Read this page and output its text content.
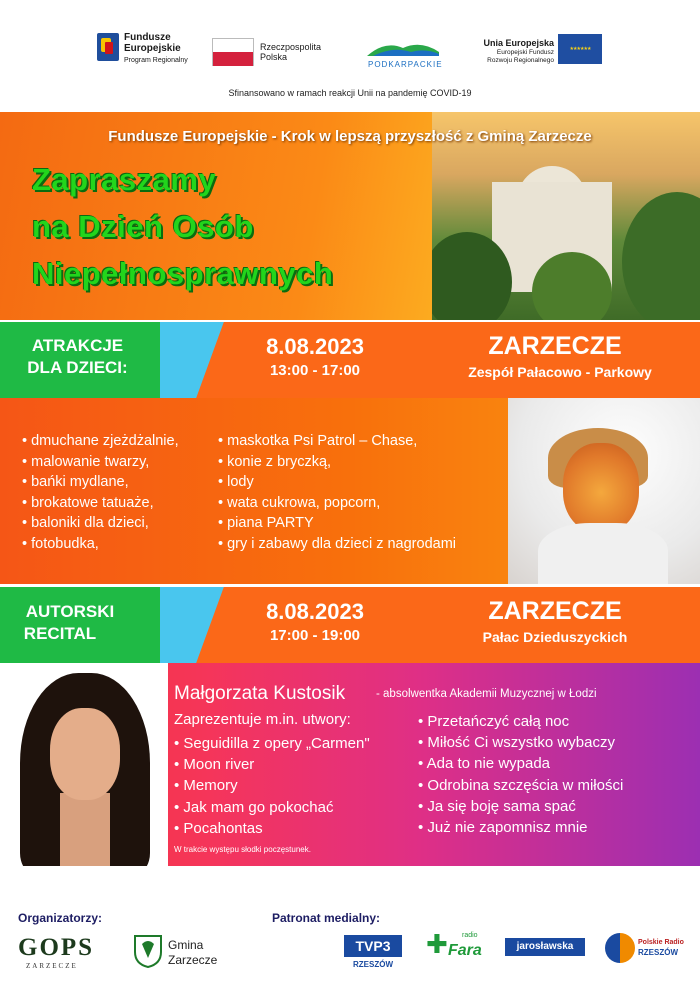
Fundusze
Europejskie
Program Regionalny
Rzeczpospolita
Polska
PODKARPACKIE
Unia Europejska
Europejski Fundusz
Rozwoju Regionalnego
★★★★★★
Sfinansowano w ramach reakcji Unii na pandemię COVID-19
Fundusze Europejskie - Krok w lepszą przyszłość z Gminą Zarzecze
Zapraszamy
na Dzień Osób
Niepełnosprawnych
ATRAKCJE
DLA DZIECI:
8.08.2023
13:00 - 17:00
ZARZECZE
Zespół Pałacowo - Parkowy
• dmuchane zjeżdżalnie,
• malowanie twarzy,
• bańki mydlane,
• brokatowe tatuaże,
• baloniki dla dzieci,
• fotobudka,
• maskotka Psi Patrol – Chase,
• konie z bryczką,
• lody
• wata cukrowa, popcorn,
• piana PARTY
• gry i zabawy dla dzieci z nagrodami
AUTORSKI
RECITAL
8.08.2023
17:00 - 19:00
ZARZECZE
Pałac Dzieduszyckich
Małgorzata Kustosik	- absolwentka Akademii Muzycznej w Łodzi
Zaprezentuje m.in. utwory:
• Seguidilla z opery „Carmen"
• Moon river
• Memory
• Jak mam go pokochać
• Pocahontas
• Przetańczyć całą noc
• Miłość Ci wszystko wybaczy
• Ada to nie wypada
• Odrobina szczęścia w miłości
• Ja się boję sama spać
• Już nie zapomnisz mnie
W trakcie występu słodki poczęstunek.
Organizatorzy:
GOPS
ZARZECZE
Gmina
Zarzecze
Patronat medialny:
TVP3
RZESZÓW
✚ Fara
radio
jarosławska	Polskie Radio
RZESZÓW
